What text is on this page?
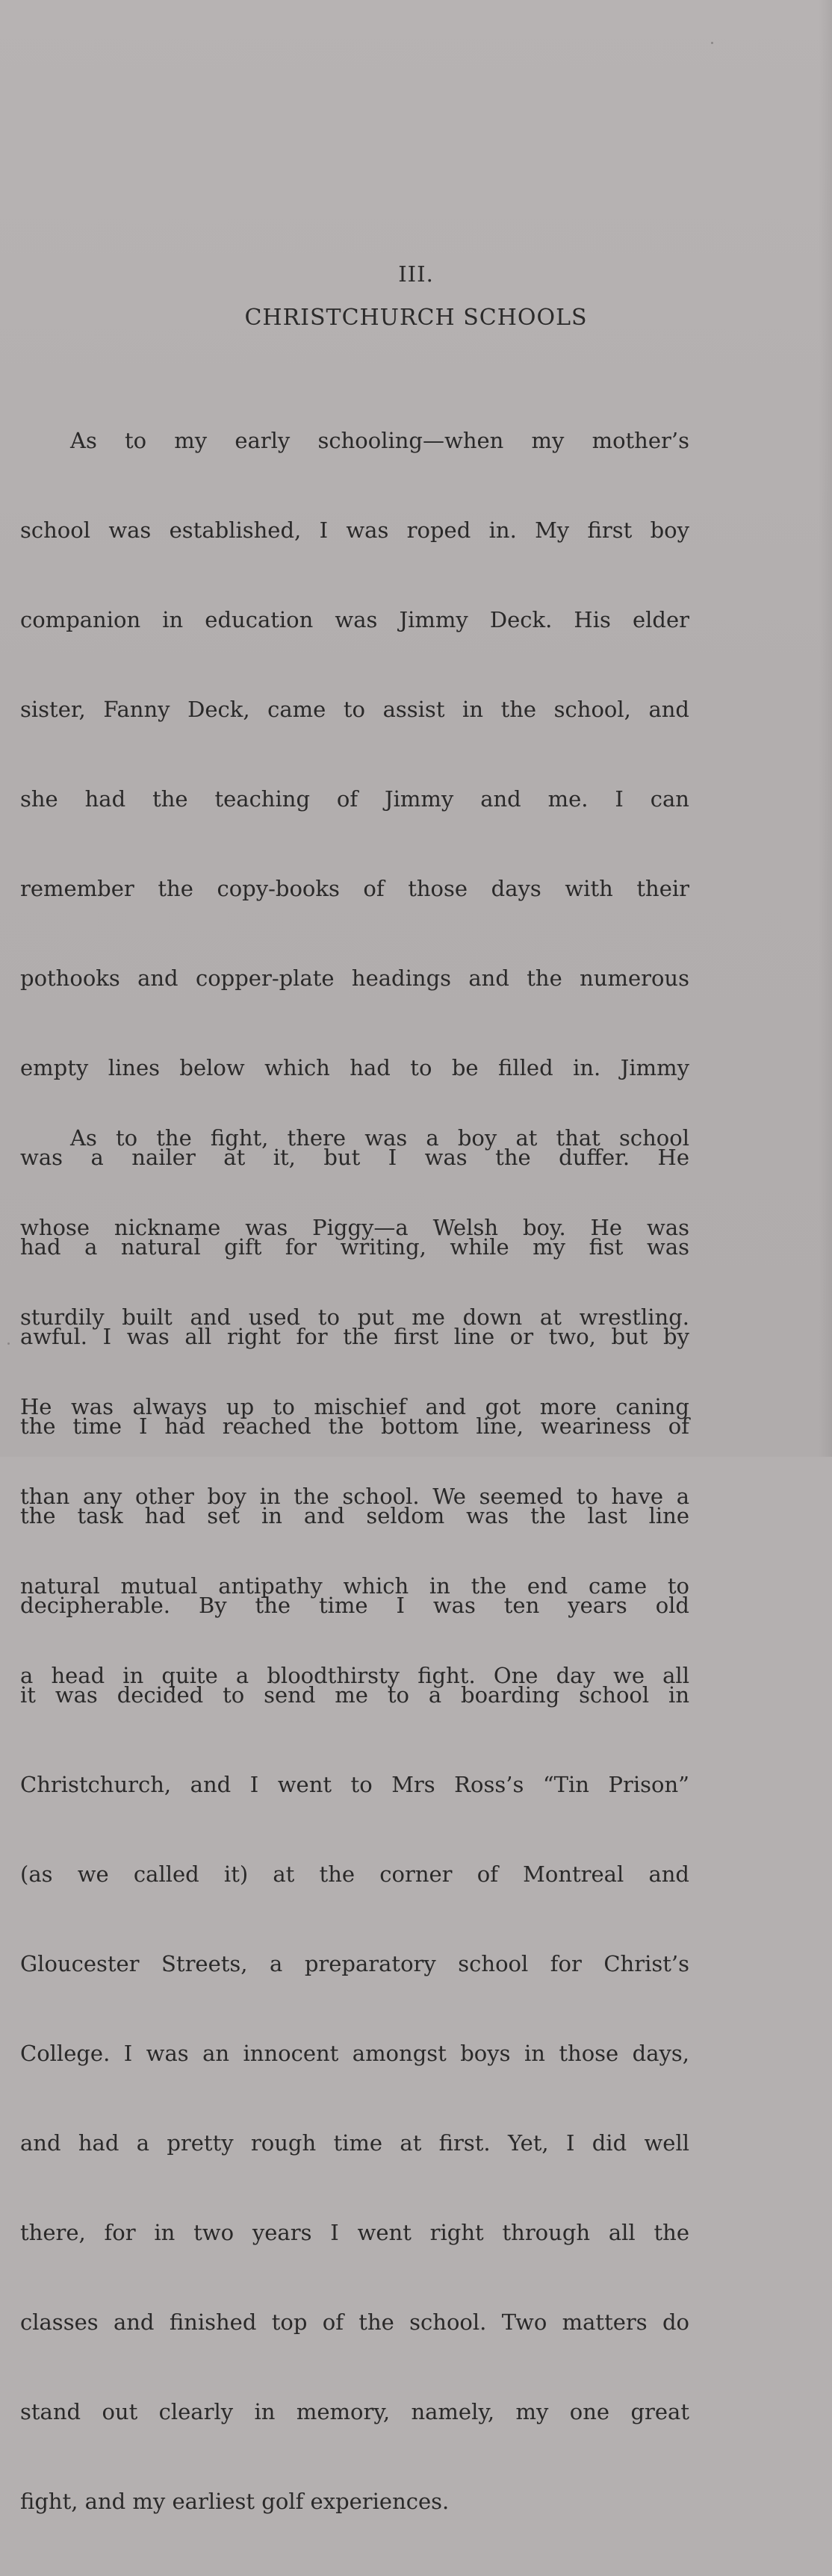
III.
CHRISTCHURCH SCHOOLS

As to my early schooling—when my mother’s

school was established, I was roped in. My first boy

companion in education was Jimmy Deck. His elder

sister, Fanny Deck, came to assist in the school, and

she had the teaching of Jimmy and me. I can

remember the copy-books of those days with their

pothooks and copper-plate headings and the numerous

empty lines below which had to be filled in. Jimmy

was a nailer at it, but I was the duffer. He

had a natural gift for writing, while my fist was

awful. I was all right for the first line or two, but by

the time I had reached the bottom line, weariness of

the task had set in and seldom was the last line

decipherable. By the time I was ten years old

it was decided to send me to a boarding school in

Christchurch, and I went to Mrs Ross’s “Tin Prison”

(as we called it) at the corner of Montreal and

Gloucester Streets, a preparatory school for Christ’s

College. I was an innocent amongst boys in those days,

and had a pretty rough time at first. Yet, I did well

there, for in two years I went right through all the

classes and finished top of the school. Two matters do

stand out clearly in memory, namely, my one great

fight, and my earliest golf experiences.

As to the fight, there was a boy at that school

whose nickname was Piggy—a Welsh boy. He was

sturdily built and used to put me down at wrestling.

He was always up to mischief and got more caning

than any other boy in the school. We seemed to have a

natural mutual antipathy which in the end came to

a head in quite a bloodthirsty fight. One day we all
